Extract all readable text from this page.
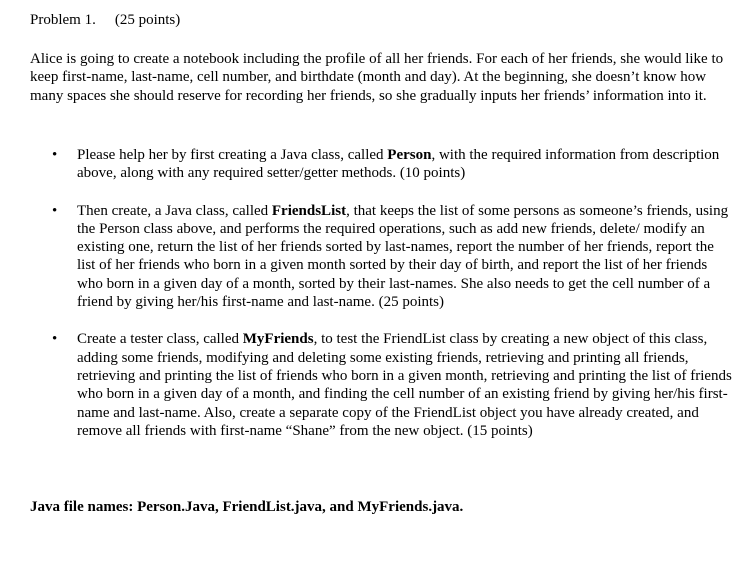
Problem 1. (25 points)

Alice is going to create a notebook including the profile of all her friends. For each of her friends, she would like to keep first-name, last-name, cell number, and birthdate (month and day). At the beginning, she doesn’t know how many spaces she should reserve for recording her friends, so she gradually inputs her friends’ information into it.

• Please help her by first creating a Java class, called Person, with the required information from description above, along with any required setter/getter methods. (10 points)
• Then create, a Java class, called FriendsList, that keeps the list of some persons as someone’s friends, using the Person class above, and performs the required operations, such as add new friends, delete/ modify an existing one, return the list of her friends sorted by last-names, report the number of her friends, report the list of her friends who born in a given month sorted by their day of birth, and report the list of her friends who born in a given day of a month, sorted by their last-names. She also needs to get the cell number of a friend by giving her/his first-name and last-name. (25 points)
• Create a tester class, called MyFriends, to test the FriendList class by creating a new object of this class, adding some friends, modifying and deleting some existing friends, retrieving and printing all friends, retrieving and printing the list of friends who born in a given month, retrieving and printing the list of friends who born in a given day of a month, and finding the cell number of an existing friend by giving her/his first-name and last-name. Also, create a separate copy of the FriendList object you have already created, and remove all friends with first-name “Shane” from the new object. (15 points)
Java file names: Person.Java, FriendList.java, and MyFriends.java.
